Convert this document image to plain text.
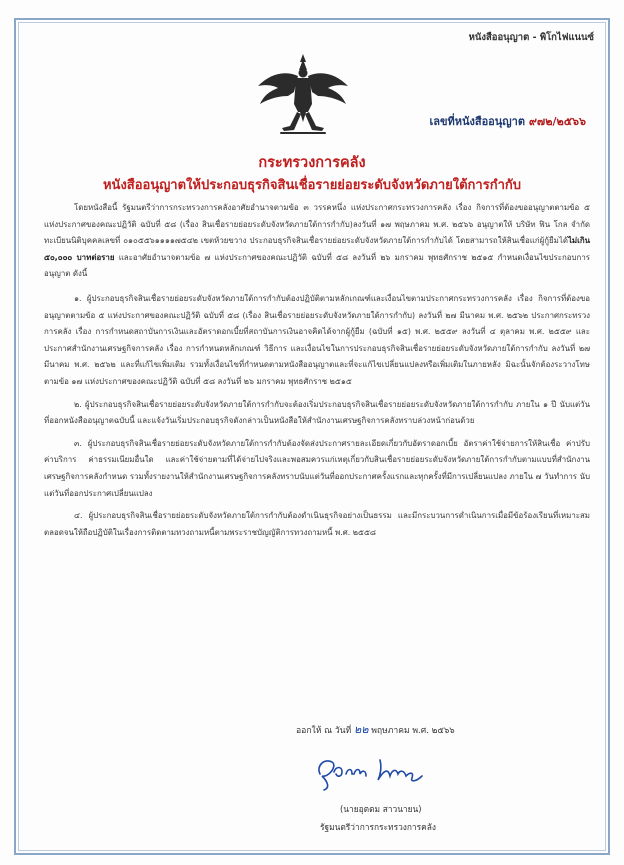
หนังสืออนุญาต - พิโกไฟแนนซ์
เลขที่หนังสืออนุญาต ๙๗๒/๒๕๖๖
กระทรวงการคลัง
หนังสืออนุญาตให้ประกอบธุรกิจสินเชื่อรายย่อยระดับจังหวัดภายใต้การกำกับ

โดยหนังสือนี้ รัฐมนตรีว่าการกระทรวงการคลังอาศัยอำนาจตามข้อ ๓ วรรคหนึ่ง แห่งประกาศกระทรวงการคลัง เรื่อง กิจการที่ต้องขออนุญาตตามข้อ ๕ แห่งประกาศของคณะปฏิวัติ ฉบับที่ ๕๘ (เรื่อง สินเชื่อรายย่อยระดับจังหวัดภายใต้การกำกับ)ลงวันที่ ๑๗ พฤษภาคม พ.ศ. ๒๕๖๖ อนุญาตให้ บริษัท ฟิน โกล จำกัด ทะเบียนนิติบุคคลเลขที่ ๐๑๐๕๕๖๑๑๑๑๗๕๔๒ เขตห้วยขวาง ประกอบธุรกิจสินเชื่อรายย่อยระดับจังหวัดภายใต้การกำกับได้ โดยสามารถให้สินเชื่อแก่ผู้กู้ยืมได้ไม่เกิน ๕๐,๐๐๐ บาทต่อราย และอาศัยอำนาจตามข้อ ๗ แห่งประกาศของคณะปฏิวัติ ฉบับที่ ๕๘ ลงวันที่ ๒๖ มกราคม พุทธศักราช ๒๕๑๕ กำหนดเงื่อนไขประกอบการอนุญาต ดังนี้

๑. ผู้ประกอบธุรกิจสินเชื่อรายย่อยระดับจังหวัดภายใต้การกำกับต้องปฏิบัติตามหลักเกณฑ์และเงื่อนไขตามประกาศกระทรวงการคลัง เรื่อง กิจการที่ต้องขออนุญาตตามข้อ ๕ แห่งประกาศของคณะปฏิวัติ ฉบับที่ ๕๘ (เรื่อง สินเชื่อรายย่อยระดับจังหวัดภายใต้การกำกับ) ลงวันที่ ๒๗ มีนาคม พ.ศ. ๒๕๖๒ ประกาศกระทรวงการคลัง เรื่อง การกำหนดสถาบันการเงินและอัตราดอกเบี้ยที่สถาบันการเงินอาจคิดได้จากผู้กู้ยืม (ฉบับที่ ๑๕) พ.ศ. ๒๕๕๙ ลงวันที่ ๔ ตุลาคม พ.ศ. ๒๕๕๙ และประกาศสำนักงานเศรษฐกิจการคลัง เรื่อง การกำหนดหลักเกณฑ์ วิธีการ และเงื่อนไขในการประกอบธุรกิจสินเชื่อรายย่อยระดับจังหวัดภายใต้การกำกับ ลงวันที่ ๒๗ มีนาคม พ.ศ. ๒๕๖๒ และที่แก้ไขเพิ่มเติม รวมทั้งเงื่อนไขที่กำหนดตามหนังสืออนุญาตและที่จะแก้ไขเปลี่ยนแปลงหรือเพิ่มเติมในภายหลัง มิฉะนั้นจักต้องระวางโทษตามข้อ ๑๗ แห่งประกาศของคณะปฏิวัติ ฉบับที่ ๕๘ ลงวันที่ ๒๖ มกราคม พุทธศักราช ๒๕๑๕

๒. ผู้ประกอบธุรกิจสินเชื่อรายย่อยระดับจังหวัดภายใต้การกำกับจะต้องเริ่มประกอบธุรกิจสินเชื่อรายย่อยระดับจังหวัดภายใต้การกำกับ ภายใน ๑ ปี นับแต่วันที่ออกหนังสืออนุญาตฉบับนี้ และแจ้งวันเริ่มประกอบธุรกิจดังกล่าวเป็นหนังสือให้สำนักงานเศรษฐกิจการคลังทราบล่วงหน้าก่อนด้วย

๓. ผู้ประกอบธุรกิจสินเชื่อรายย่อยระดับจังหวัดภายใต้การกำกับต้องจัดส่งประกาศรายละเอียดเกี่ยวกับอัตราดอกเบี้ย อัตราค่าใช้จ่ายการให้สินเชื่อ ค่าปรับ ค่าบริการ ค่าธรรมเนียมอื่นใด และค่าใช้จ่ายตามที่ได้จ่ายไปจริงและพอสมควรแก่เหตุเกี่ยวกับสินเชื่อรายย่อยระดับจังหวัดภายใต้การกำกับตามแบบที่สำนักงานเศรษฐกิจการคลังกำหนด รวมทั้งรายงานให้สำนักงานเศรษฐกิจการคลังทราบนับแต่วันที่ออกประกาศครั้งแรกและทุกครั้งที่มีการเปลี่ยนแปลง ภายใน ๗ วันทำการ นับแต่วันที่ออกประกาศเปลี่ยนแปลง

๔. ผู้ประกอบธุรกิจสินเชื่อรายย่อยระดับจังหวัดภายใต้การกำกับต้องดำเนินธุรกิจอย่างเป็นธรรม และมีกระบวนการดำเนินการเมื่อมีข้อร้องเรียนที่เหมาะสม ตลอดจนให้ถือปฏิบัติในเรื่องการติดตามทวงถามหนี้ตามพระราชบัญญัติการทวงถามหนี้ พ.ศ. ๒๕๕๘

ออกให้ ณ วันที่ ๒๒ พฤษภาคม พ.ศ. ๒๕๖๖
(นายอุตตม สาวนายน)
รัฐมนตรีว่าการกระทรวงการคลัง
